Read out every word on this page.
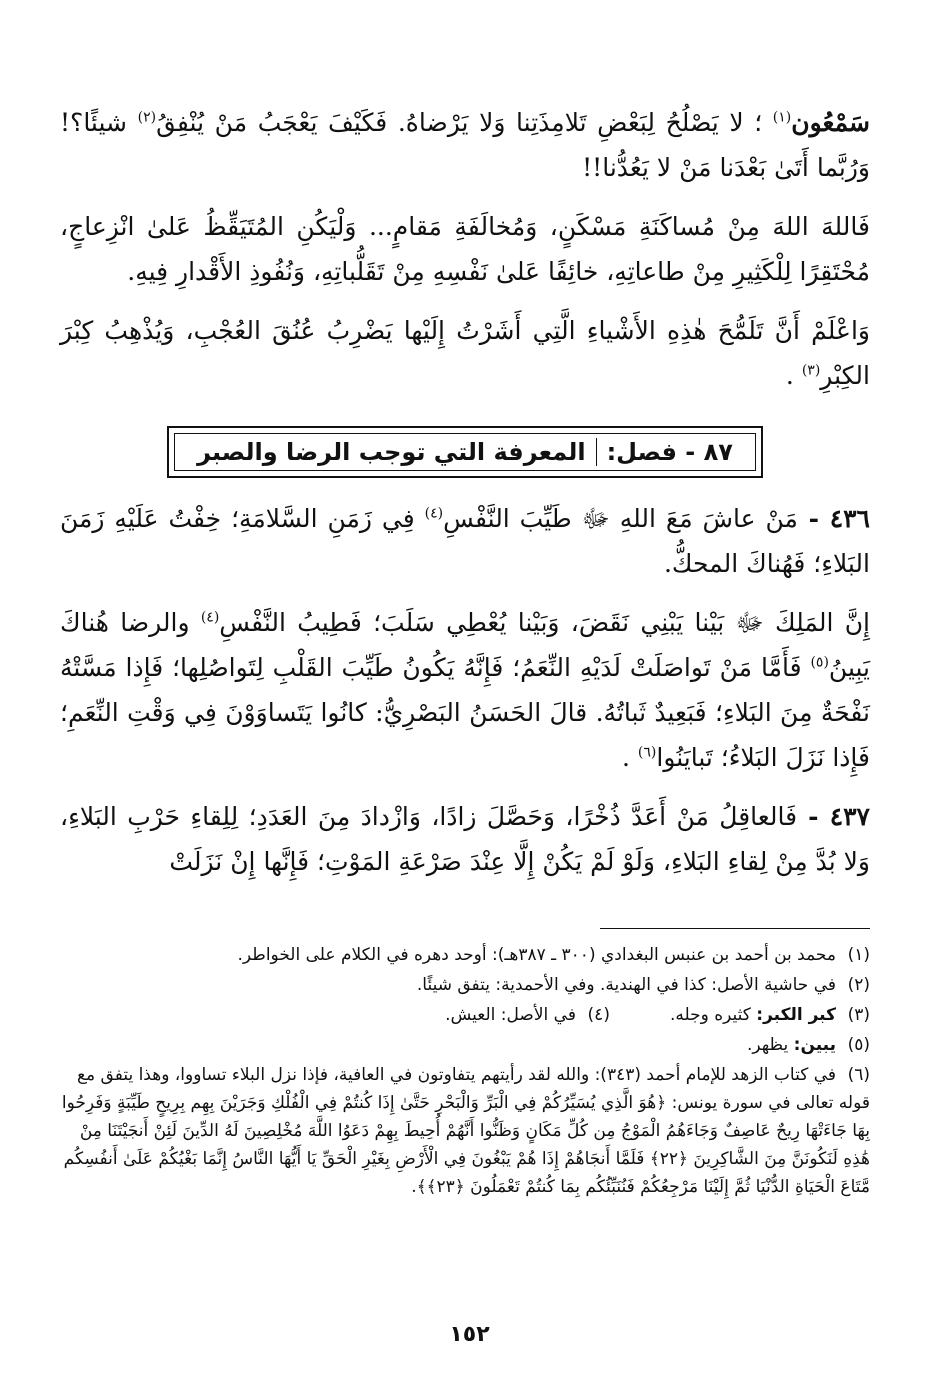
سَمْعُون$^{(١)}$ ؛ لا يَصْلُحُ لِبَعْضِ تَلامِذَتِنا وَلا يَرْضاهُ. فَكَيْفَ يَعْجَبُ مَنْ يُنْفِقُ$^{(٢)}$ شيئًا؟! وَرُبَّما أَتَىٰ بَعْدَنا مَنْ لا يَعُدُّنا!!

فَاللهَ اللهَ مِنْ مُساكَنَةِ مَسْكَنٍ، وَمُخالَفَةِ مَقامٍ... وَلْيَكُنِ المُتَيَقِّظُ عَلىٰ انْزِعاجٍ، مُحْتَقِرًا لِلْكَثِيرِ مِنْ طاعاتِهِ، خائِفًا عَلىٰ نَفْسِهِ مِنْ تَقَلُّباتِهِ، وَنُفُوذِ الأَقْدارِ فِيهِ.

وَاعْلَمْ أَنَّ تَلَمُّحَ هٰذِهِ الأَشْياءِ الَّتِي أَشَرْتُ إِلَيْها يَضْرِبُ عُنُقَ العُجْبِ، وَيُذْهِبُ كِبْرَ الكِبْرِ$^{(٣)}$ .

٨٧ - فصل:
المعرفة التي توجب الرضا والصبر

٤٣٦ - مَنْ عاشَ مَعَ اللهِ ﷻ طَيِّبَ النَّفْسِ$^{(٤)}$ فِي زَمَنِ السَّلامَةِ؛ خِفْتُ عَلَيْهِ زَمَنَ البَلاءِ؛ فَهُناكَ المحكُّ.

إِنَّ المَلِكَ ﷻ بَيْنا يَبْنِي نَقَضَ، وَبَيْنا يُعْطِي سَلَبَ؛ فَطِيبُ النَّفْسِ$^{(٤)}$ والرضا هُناكَ يَبِينُ$^{(٥)}$ فَأَمَّا مَنْ تَواصَلَتْ لَدَيْهِ النِّعَمُ؛ فَإِنَّهُ يَكُونُ طَيِّبَ القَلْبِ لِتَواصُلِها؛ فَإِذا مَسَّتْهُ نَفْحَةٌ مِنَ البَلاءِ؛ فَبَعِيدٌ ثَباتُهُ. قالَ الحَسَنُ البَصْرِيُّ: كانُوا يَتَساوَوْنَ فِي وَقْتِ النِّعَمِ؛ فَإِذا نَزَلَ البَلاءُ؛ تَبايَنُوا$^{(٦)}$ .

٤٣٧ - فَالعاقِلُ مَنْ أَعَدَّ ذُخْرًا، وَحَصَّلَ زادًا، وَازْدادَ مِنَ العَدَدِ؛ لِلِقاءِ حَرْبِ البَلاءِ، وَلا بُدَّ مِنْ لِقاءِ البَلاءِ، وَلَوْ لَمْ يَكُنْ إِلَّا عِنْدَ صَرْعَةِ المَوْتِ؛ فَإِنَّها إِنْ نَزَلَتْ

(١)محمد بن أحمد بن عنبس البغدادي (٣٠٠ ـ ٣٨٧هـ): أوحد دهره في الكلام على الخواطر.

(٢)في حاشية الأصل: كذا في الهندية. وفي الأحمدية: يتفق شيئًا.

(٣)كبر الكبر: كثيره وجله.
(٤)في الأصل: العيش.

(٥)يبين: يظهر.

(٦)في كتاب الزهد للإمام أحمد (٣٤٣): والله لقد رأيتهم يتفاوتون في العافية، فإذا نزل البلاء تساووا، وهذا يتفق مع قوله تعالى في سورة يونس: ﴿هُوَ الَّذِي يُسَيِّرُكُمْ فِي الْبَرِّ وَالْبَحْرِ حَتَّىٰ إِذَا كُنتُمْ فِي الْفُلْكِ وَجَرَيْنَ بِهِم بِرِيحٍ طَيِّبَةٍ وَفَرِحُوا بِهَا جَاءَتْهَا رِيحٌ عَاصِفٌ وَجَاءَهُمُ الْمَوْجُ مِن كُلِّ مَكَانٍ وَظَنُّوا أَنَّهُمْ أُحِيطَ بِهِمْ دَعَوُا اللَّهَ مُخْلِصِينَ لَهُ الدِّينَ لَئِنْ أَنجَيْتَنَا مِنْ هَٰذِهِ لَنَكُونَنَّ مِنَ الشَّاكِرِينَ ﴿٢٢﴾ فَلَمَّا أَنجَاهُمْ إِذَا هُمْ يَبْغُونَ فِي الْأَرْضِ بِغَيْرِ الْحَقِّ يَا أَيُّهَا النَّاسُ إِنَّمَا بَغْيُكُمْ عَلَىٰ أَنفُسِكُم مَّتَاعَ الْحَيَاةِ الدُّنْيَا ثُمَّ إِلَيْنَا مَرْجِعُكُمْ فَنُنَبِّئُكُم بِمَا كُنتُمْ تَعْمَلُونَ ﴿٢٣﴾﴾.

١٥٢
